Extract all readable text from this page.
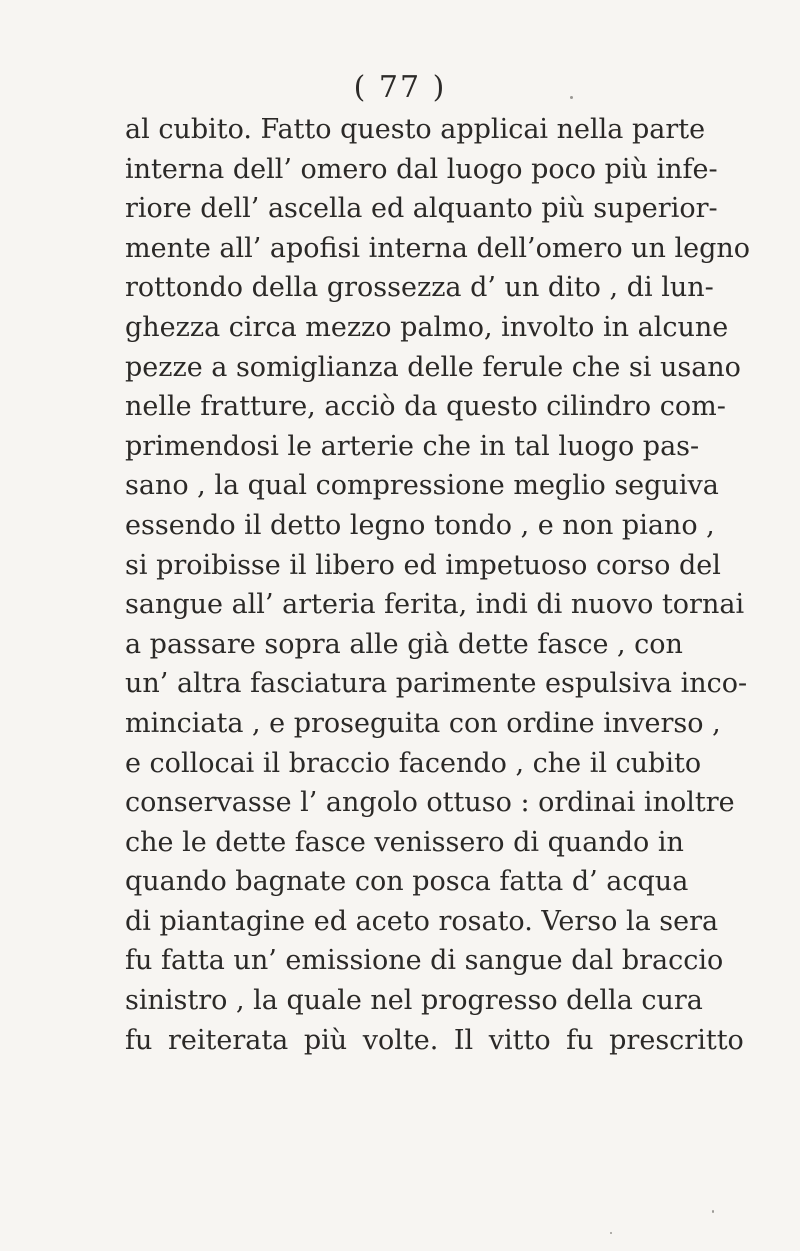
( 77 )
al cubito. Fatto questo applicai nella parte
interna dell’ omero dal luogo poco più infe-
riore dell’ ascella ed alquanto più superior-
mente all’ apofisi interna dell’omero un legno
rottondo della grossezza d’ un dito , di lun-
ghezza circa mezzo palmo, involto in alcune
pezze a somiglianza delle ferule che si usano
nelle fratture, acciò da questo cilindro com-
primendosi le arterie che in tal luogo pas-
sano , la qual compressione meglio seguiva
essendo il detto legno tondo , e non piano ,
si proibisse il libero ed impetuoso corso del
sangue all’ arteria ferita, indi di nuovo tornai
a passare sopra alle già dette fasce , con
un’ altra fasciatura parimente espulsiva inco-
minciata , e proseguita con ordine inverso ,
e collocai il braccio facendo , che il cubito
conservasse l’ angolo ottuso : ordinai inoltre
che le dette fasce venissero di quando in
quando bagnate con posca fatta d’ acqua
di piantagine ed aceto rosato. Verso la sera
fu fatta un’ emissione di sangue dal braccio
sinistro , la quale nel progresso della cura
fu reiterata più volte. Il vitto fu prescritto
